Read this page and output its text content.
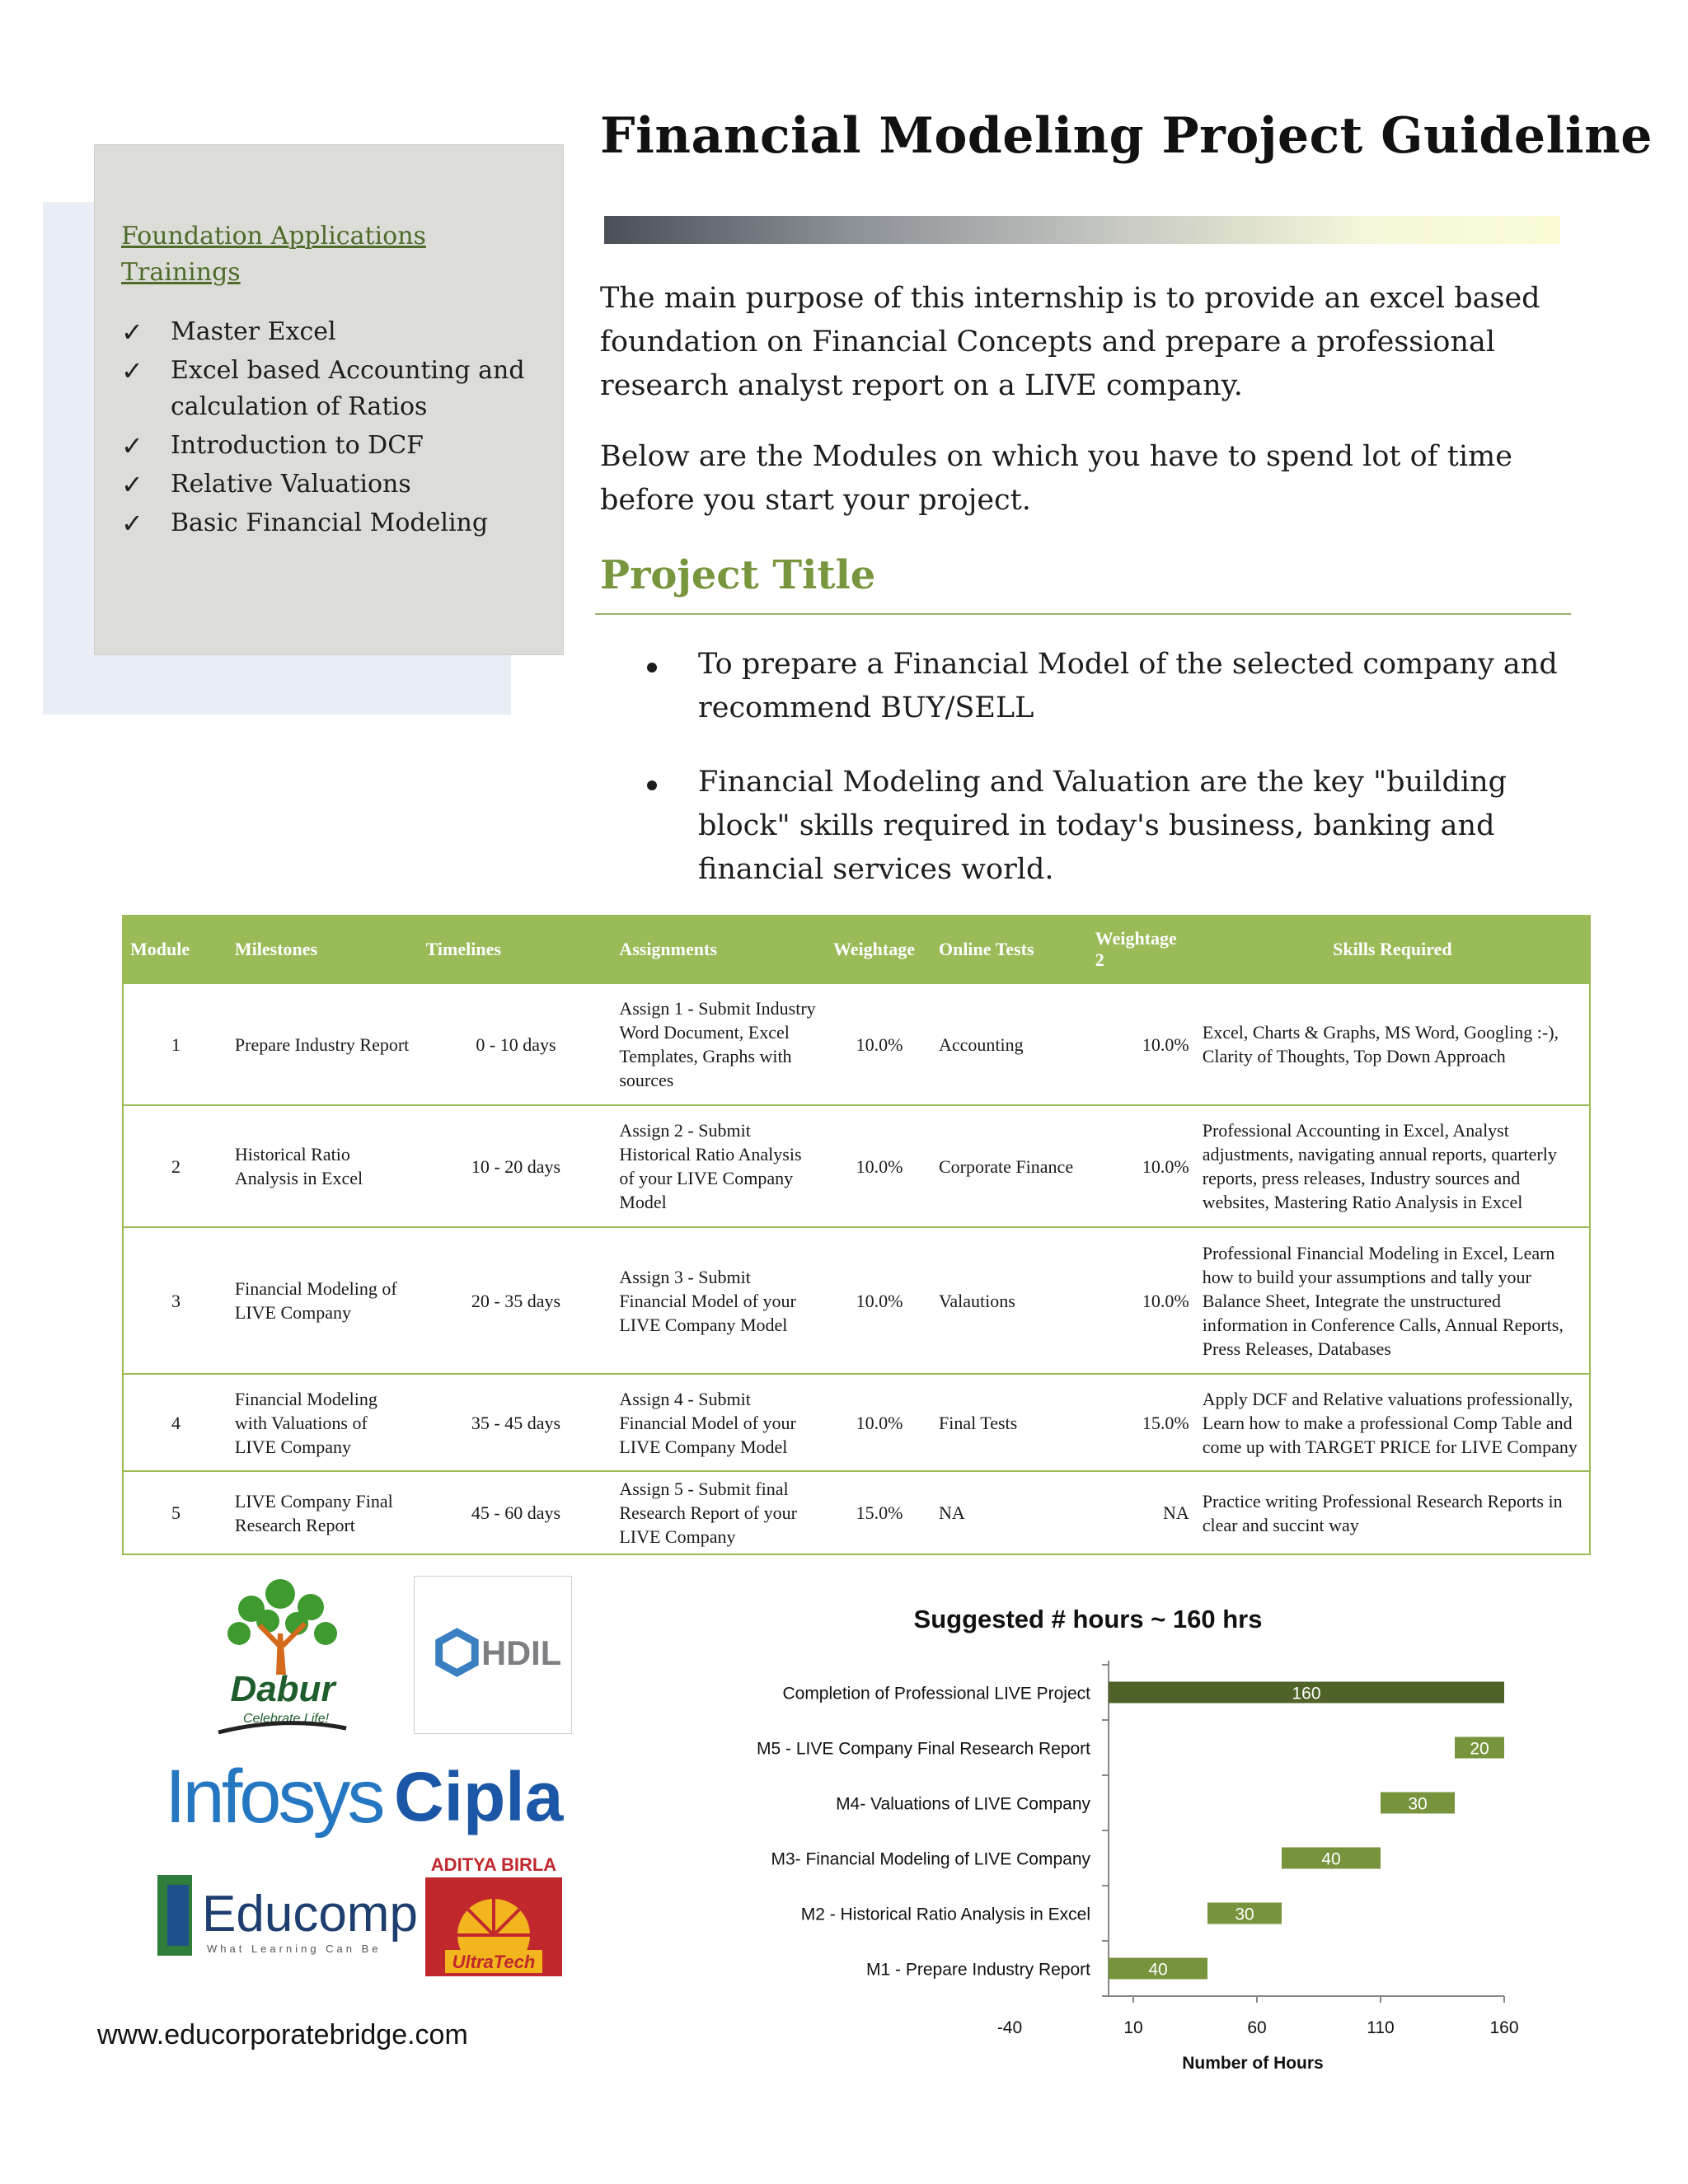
Foundation Applications Trainings
✓ Master Excel
✓ Excel based Accounting and calculation of Ratios
✓ Introduction to DCF
✓ Relative Valuations
✓ Basic Financial Modeling
Financial Modeling Project Guideline
The main purpose of this internship is to provide an excel based foundation on Financial Concepts and prepare a professional research analyst report on a LIVE company.
Below are the Modules on which you have to spend lot of time before you start your project.
Project Title
To prepare a Financial Model of the selected company and recommend BUY/SELL
Financial Modeling and Valuation are the key "building block" skills required in today's business, banking and financial services world.
Module	Milestones	Timelines	Assignments	Weightage	Online Tests	Weightage 2	Skills Required
1	Prepare Industry Report	0 - 10 days	Assign 1 - Submit Industry Word Document, Excel Templates, Graphs with sources	10.0%	Accounting	10.0%	Excel, Charts & Graphs, MS Word, Googling :-), Clarity of Thoughts, Top Down Approach
2	Historical Ratio Analysis in Excel	10 - 20 days	Assign 2 - Submit Historical Ratio Analysis of your LIVE Company Model	10.0%	Corporate Finance	10.0%	Professional Accounting in Excel, Analyst adjustments, navigating annual reports, quarterly reports, press releases, Industry sources and websites, Mastering Ratio Analysis in Excel
3	Financial Modeling of LIVE Company	20 - 35 days	Assign 3 - Submit Financial Model of your LIVE Company Model	10.0%	Valautions	10.0%	Professional Financial Modeling in Excel, Learn how to build your assumptions and tally your Balance Sheet, Integrate the unstructured information in Conference Calls, Annual Reports, Press Releases, Databases
4	Financial Modeling with Valuations of LIVE Company	35 - 45 days	Assign 4 - Submit Financial Model of your LIVE Company Model	10.0%	Final Tests	15.0%	Apply DCF and Relative valuations professionally, Learn how to make a professional Comp Table and come up with TARGET PRICE for LIVE Company
5	LIVE Company Final Research Report	45 - 60 days	Assign 5 - Submit final Research Report of your LIVE Company	15.0%	NA	NA	Practice writing Professional Research Reports in clear and succint way
Dabur
Celebrate Life!
HDIL
Infosys Cipla
Educomp
What Learning Can Be
ADITYA BIRLA
UltraTech
www.educorporatebridge.com
Suggested # hours ~ 160 hrs
Completion of Professional LIVE Project	160
M5 - LIVE Company Final Research Report	20
M4- Valuations of LIVE Company	30
M3- Financial Modeling of LIVE Company	40
M2 - Historical Ratio Analysis in Excel	30
M1 - Prepare Industry Report	40
-40	10	60	110	160
Number of Hours
